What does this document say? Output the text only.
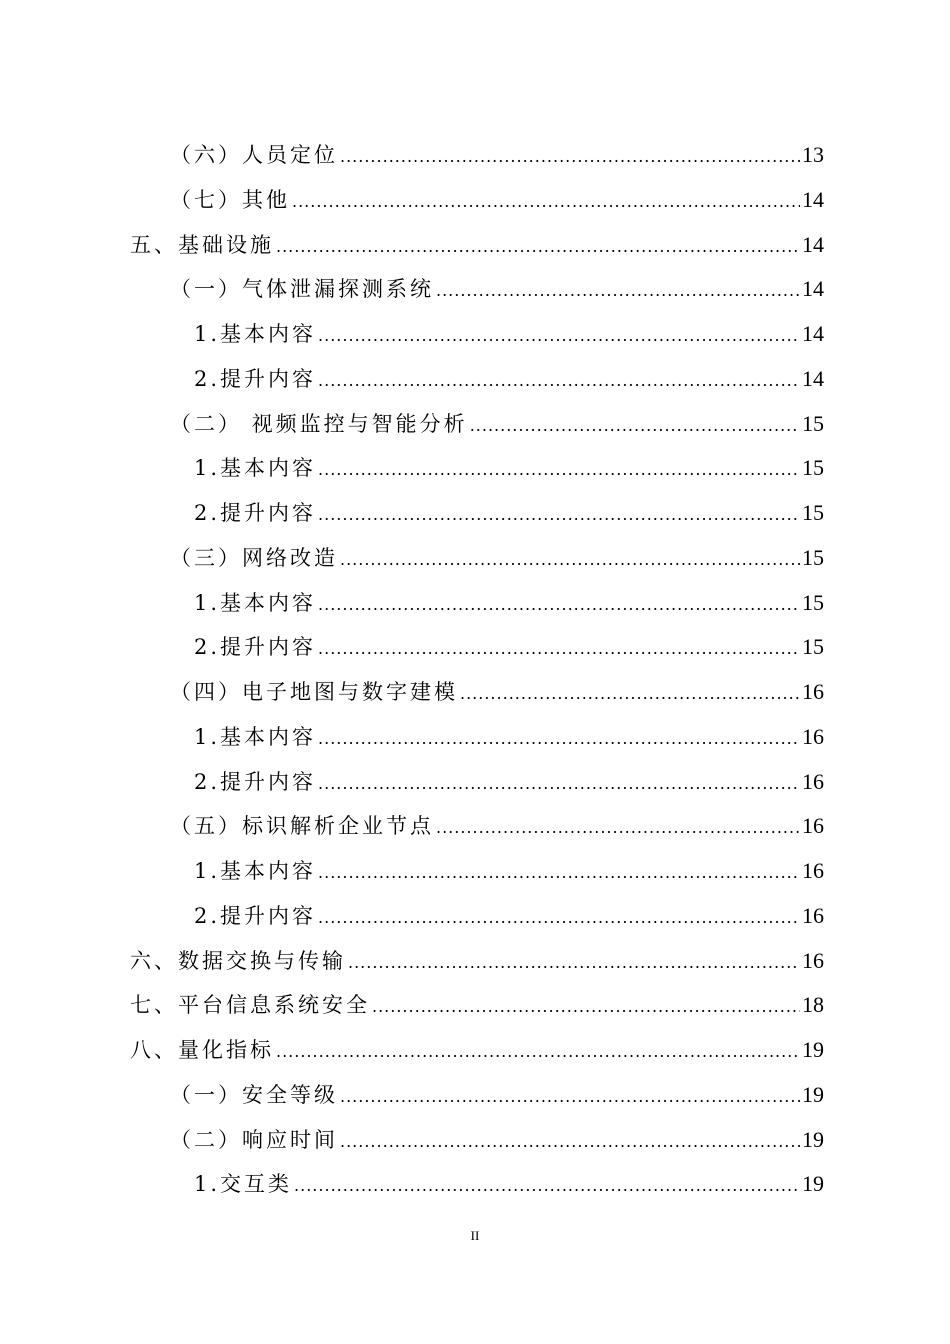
（六）人员定位 .....	13
（七）其他 .....	14
五、基础设施 .....	14
（一）气体泄漏探测系统 .....	14
1.基本内容 .....	14
2.提升内容 .....	14
（二） 视频监控与智能分析 .....	15
1.基本内容 .....	15
2.提升内容 .....	15
（三）网络改造 .....	15
1.基本内容 .....	15
2.提升内容 .....	15
（四）电子地图与数字建模 .....	16
1.基本内容 .....	16
2.提升内容 .....	16
（五）标识解析企业节点 .....	16
1.基本内容 .....	16
2.提升内容 .....	16
六、数据交换与传输 .....	16
七、平台信息系统安全 .....	18
八、量化指标 .....	19
（一）安全等级 .....	19
（二）响应时间 .....	19
1.交互类 .....	19
II
